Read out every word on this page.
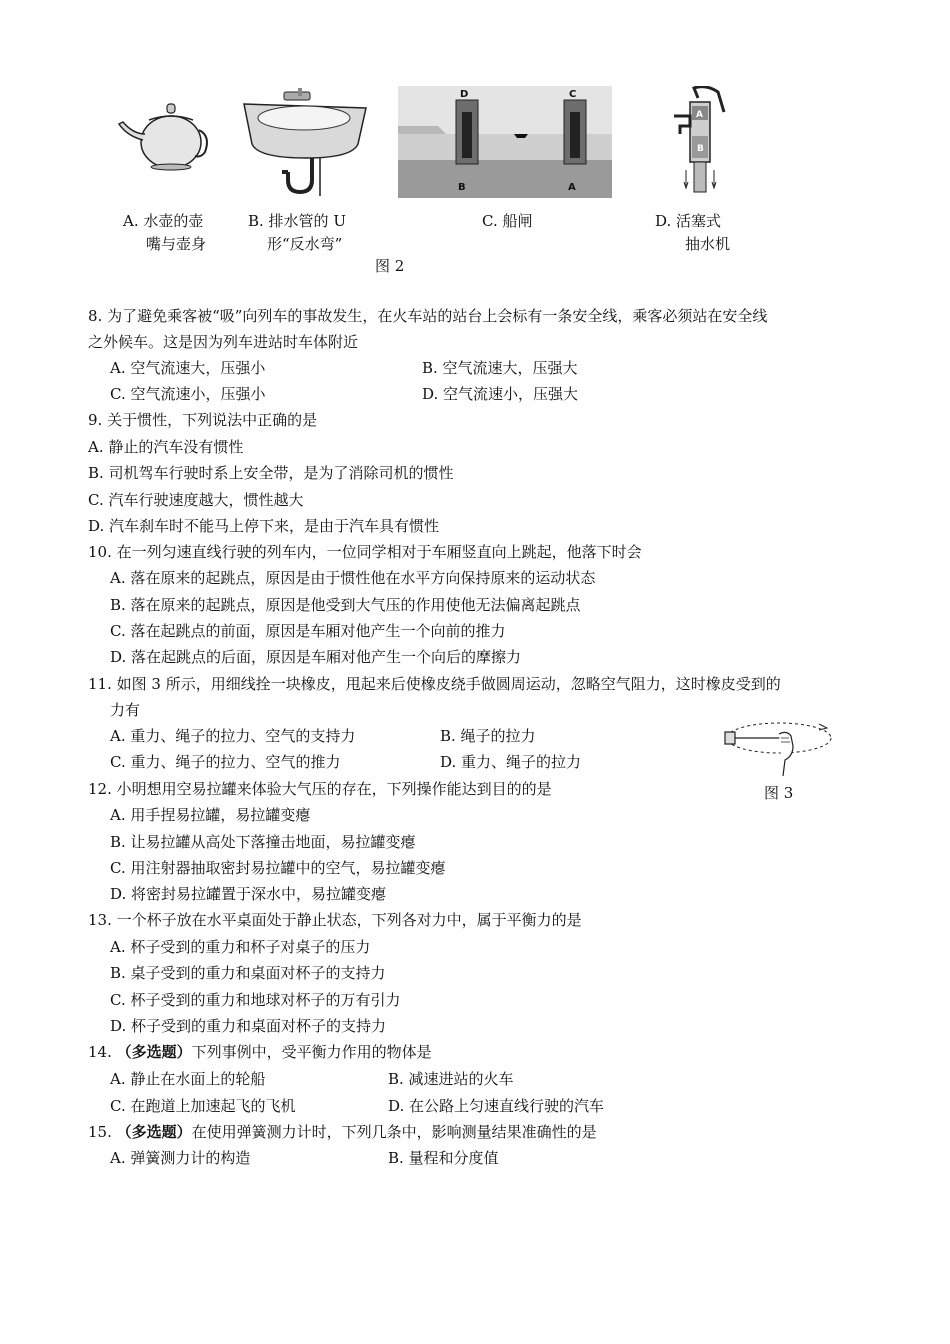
A. 水壶的壶
嘴与壶身
B. 排水管的 U
形“反水弯”
D	C
B	A
C. 船闸
A
B
D. 活塞式
抽水机
图 2
8. 为了避免乘客被“吸”向列车的事故发生，在火车站的站台上会标有一条安全线，乘客必须站在安全线
之外候车。这是因为列车进站时车体附近
A. 空气流速大，压强小	B. 空气流速大，压强大
C. 空气流速小，压强小	D. 空气流速小，压强大
9. 关于惯性，下列说法中正确的是
A. 静止的汽车没有惯性
B. 司机驾车行驶时系上安全带，是为了消除司机的惯性
C. 汽车行驶速度越大，惯性越大
D. 汽车刹车时不能马上停下来，是由于汽车具有惯性
10. 在一列匀速直线行驶的列车内，一位同学相对于车厢竖直向上跳起，他落下时会
A. 落在原来的起跳点，原因是由于惯性他在水平方向保持原来的运动状态
B. 落在原来的起跳点，原因是他受到大气压的作用使他无法偏离起跳点
C. 落在起跳点的前面，原因是车厢对他产生一个向前的推力
D. 落在起跳点的后面，原因是车厢对他产生一个向后的摩擦力
11. 如图 3 所示，用细线拴一块橡皮，甩起来后使橡皮绕手做圆周运动，忽略空气阻力，这时橡皮受到的
力有
A. 重力、绳子的拉力、空气的支持力	B. 绳子的拉力
C. 重力、绳子的拉力、空气的推力	D. 重力、绳子的拉力
图 3
12. 小明想用空易拉罐来体验大气压的存在，下列操作能达到目的的是
A. 用手捏易拉罐，易拉罐变瘪
B. 让易拉罐从高处下落撞击地面，易拉罐变瘪
C. 用注射器抽取密封易拉罐中的空气，易拉罐变瘪
D. 将密封易拉罐置于深水中，易拉罐变瘪
13. 一个杯子放在水平桌面处于静止状态，下列各对力中，属于平衡力的是
A. 杯子受到的重力和杯子对桌子的压力
B. 桌子受到的重力和桌面对杯子的支持力
C. 杯子受到的重力和地球对杯子的万有引力
D. 杯子受到的重力和桌面对杯子的支持力
14. （多选题）下列事例中，受平衡力作用的物体是
A. 静止在水面上的轮船	B. 减速进站的火车
C. 在跑道上加速起飞的飞机	D. 在公路上匀速直线行驶的汽车
15. （多选题）在使用弹簧测力计时，下列几条中，影响测量结果准确性的是
A. 弹簧测力计的构造	B. 量程和分度值
